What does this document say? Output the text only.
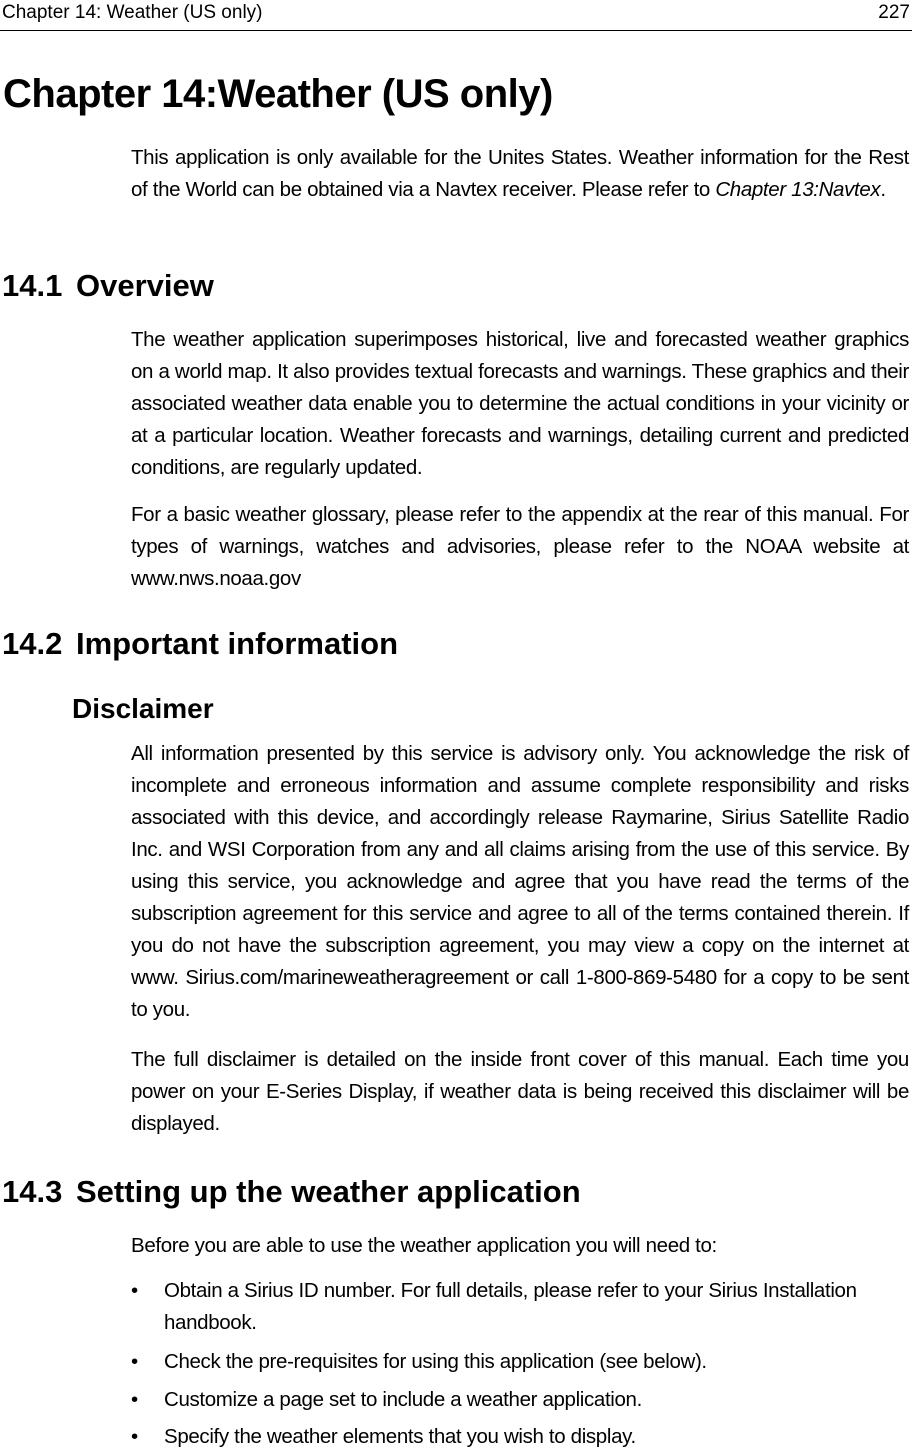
Chapter 14: Weather (US only)	227
Chapter 14:Weather (US only)

This application is only available for the Unites States. Weather information for the Rest of the World can be obtained via a Navtex receiver. Please refer to Chapter 13:Navtex.

14.1 Overview

The weather application superimposes historical, live and forecasted weather graphics on a world map. It also provides textual forecasts and warnings. These graphics and their associated weather data enable you to determine the actual conditions in your vicinity or at a particular location. Weather forecasts and warnings, detailing current and predicted conditions, are regularly updated.

For a basic weather glossary, please refer to the appendix at the rear of this manual. For types of warnings, watches and advisories, please refer to the NOAA website at www.nws.noaa.gov

14.2 Important information
Disclaimer

All information presented by this service is advisory only. You acknowledge the risk of incomplete and erroneous information and assume complete responsibility and risks associated with this device, and accordingly release Raymarine, Sirius Satellite Radio Inc. and WSI Corporation from any and all claims arising from the use of this service. By using this service, you acknowledge and agree that you have read the terms of the subscription agreement for this service and agree to all of the terms contained therein. If you do not have the subscription agreement, you may view a copy on the internet at www. Sirius.com/marineweatheragreement or call 1-800-869-5480 for a copy to be sent to you.

The full disclaimer is detailed on the inside front cover of this manual. Each time you power on your E-Series Display, if weather data is being received this disclaimer will be displayed.

14.3 Setting up the weather application

Before you are able to use the weather application you will need to:

• Obtain a Sirius ID number. For full details, please refer to your Sirius Installation handbook.
• Check the pre-requisites for using this application (see below).
• Customize a page set to include a weather application.
• Specify the weather elements that you wish to display.
